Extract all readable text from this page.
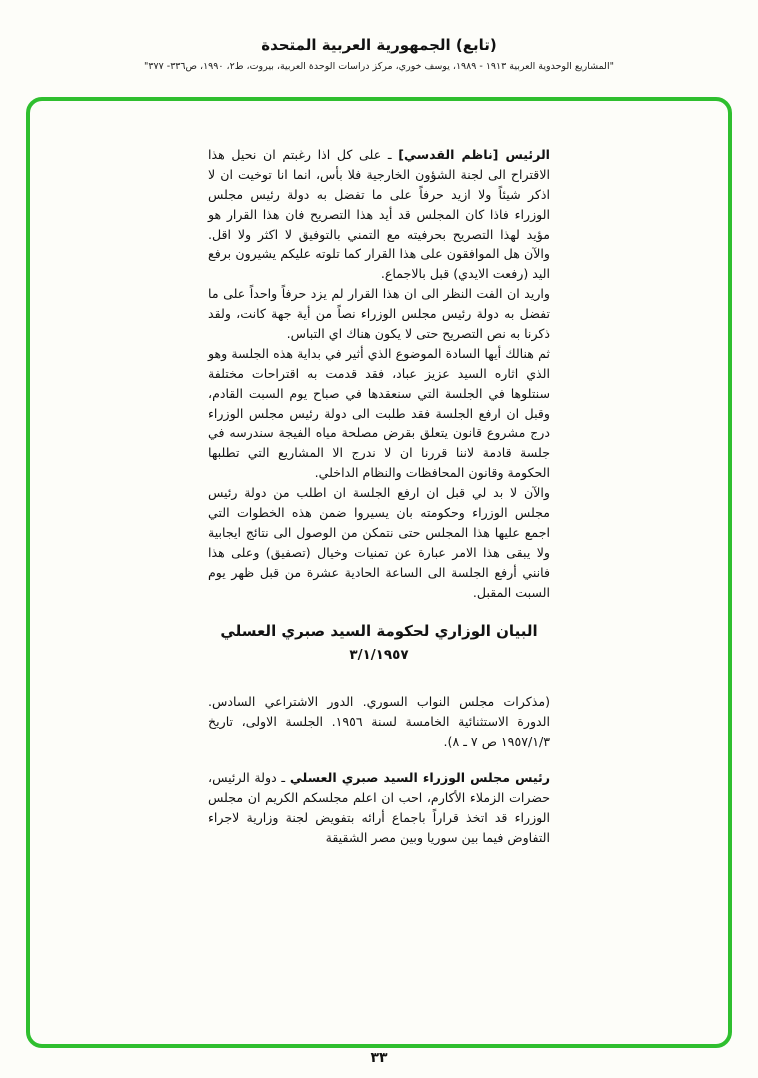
(تابع) الجمهورية العربية المتحدة
"المشاريع الوحدوية العربية ١٩١٣ - ١٩٨٩، يوسف خوري، مركز دراسات الوحدة العربية، بيروت، ط٢، ١٩٩٠، ص٣٣٦- ٣٧٧"

الرئيس [ناظم القدسي] ـ على كل اذا رغبتم ان نحيل هذا الاقتراح الى لجنة الشؤون الخارجية فلا بأس، انما انا توخيت ان لا اذكر شيئاً ولا ازيد حرفاً على ما تفضل به دولة رئيس مجلس الوزراء فاذا كان المجلس قد أيد هذا التصريح فان هذا القرار هو مؤيد لهذا التصريح بحرفيته مع التمني بالتوفيق لا اكثر ولا اقل. والآن هل الموافقون على هذا القرار كما تلوته عليكم يشيرون برفع اليد (رفعت الايدي) قبل بالاجماع.

واريد ان الفت النظر الى ان هذا القرار لم يزد حرفاً واحداً على ما تفضل به دولة رئيس مجلس الوزراء نصاً من أية جهة كانت، ولقد ذكرنا به نص التصريح حتى لا يكون هناك اي التباس.

ثم هنالك أيها السادة الموضوع الذي أثير في بداية هذه الجلسة وهو الذي اثاره السيد عزيز عباد، فقد قدمت به اقتراحات مختلفة سنتلوها في الجلسة التي سنعقدها في صباح يوم السبت القادم، وقبل ان ارفع الجلسة فقد طلبت الى دولة رئيس مجلس الوزراء درج مشروع قانون يتعلق بقرض مصلحة مياه الفيجة سندرسه في جلسة قادمة لاننا قررنا ان لا ندرج الا المشاريع التي تطلبها الحكومة وقانون المحافظات والنظام الداخلي.

والآن لا بد لي قبل ان ارفع الجلسة ان اطلب من دولة رئيس مجلس الوزراء وحكومته بان يسيروا ضمن هذه الخطوات التي اجمع عليها هذا المجلس حتى نتمكن من الوصول الى نتائج ايجابية ولا يبقى هذا الامر عبارة عن تمنيات وخيال (تصفيق) وعلى هذا فانني أرفع الجلسة الى الساعة الحادية عشرة من قبل ظهر يوم السبت المقبل.

البيان الوزاري لحكومة السيد صبري العسلي
٣/١/١٩٥٧

(مذكرات مجلس النواب السوري. الدور الاشتراعي السادس. الدورة الاستثنائية الخامسة لسنة ١٩٥٦. الجلسة الاولى، تاريخ ١٩٥٧/١/٣ ص ٧ ـ ٨).

رئيس مجلس الوزراء السيد صبري العسلي ـ دولة الرئيس، حضرات الزملاء الأكارم، احب ان اعلم مجلسكم الكريم ان مجلس الوزراء قد اتخذ قراراً باجماع أرائه بتفويض لجنة وزارية لاجراء التفاوض فيما بين سوريا وبين مصر الشقيقة

٣٣
